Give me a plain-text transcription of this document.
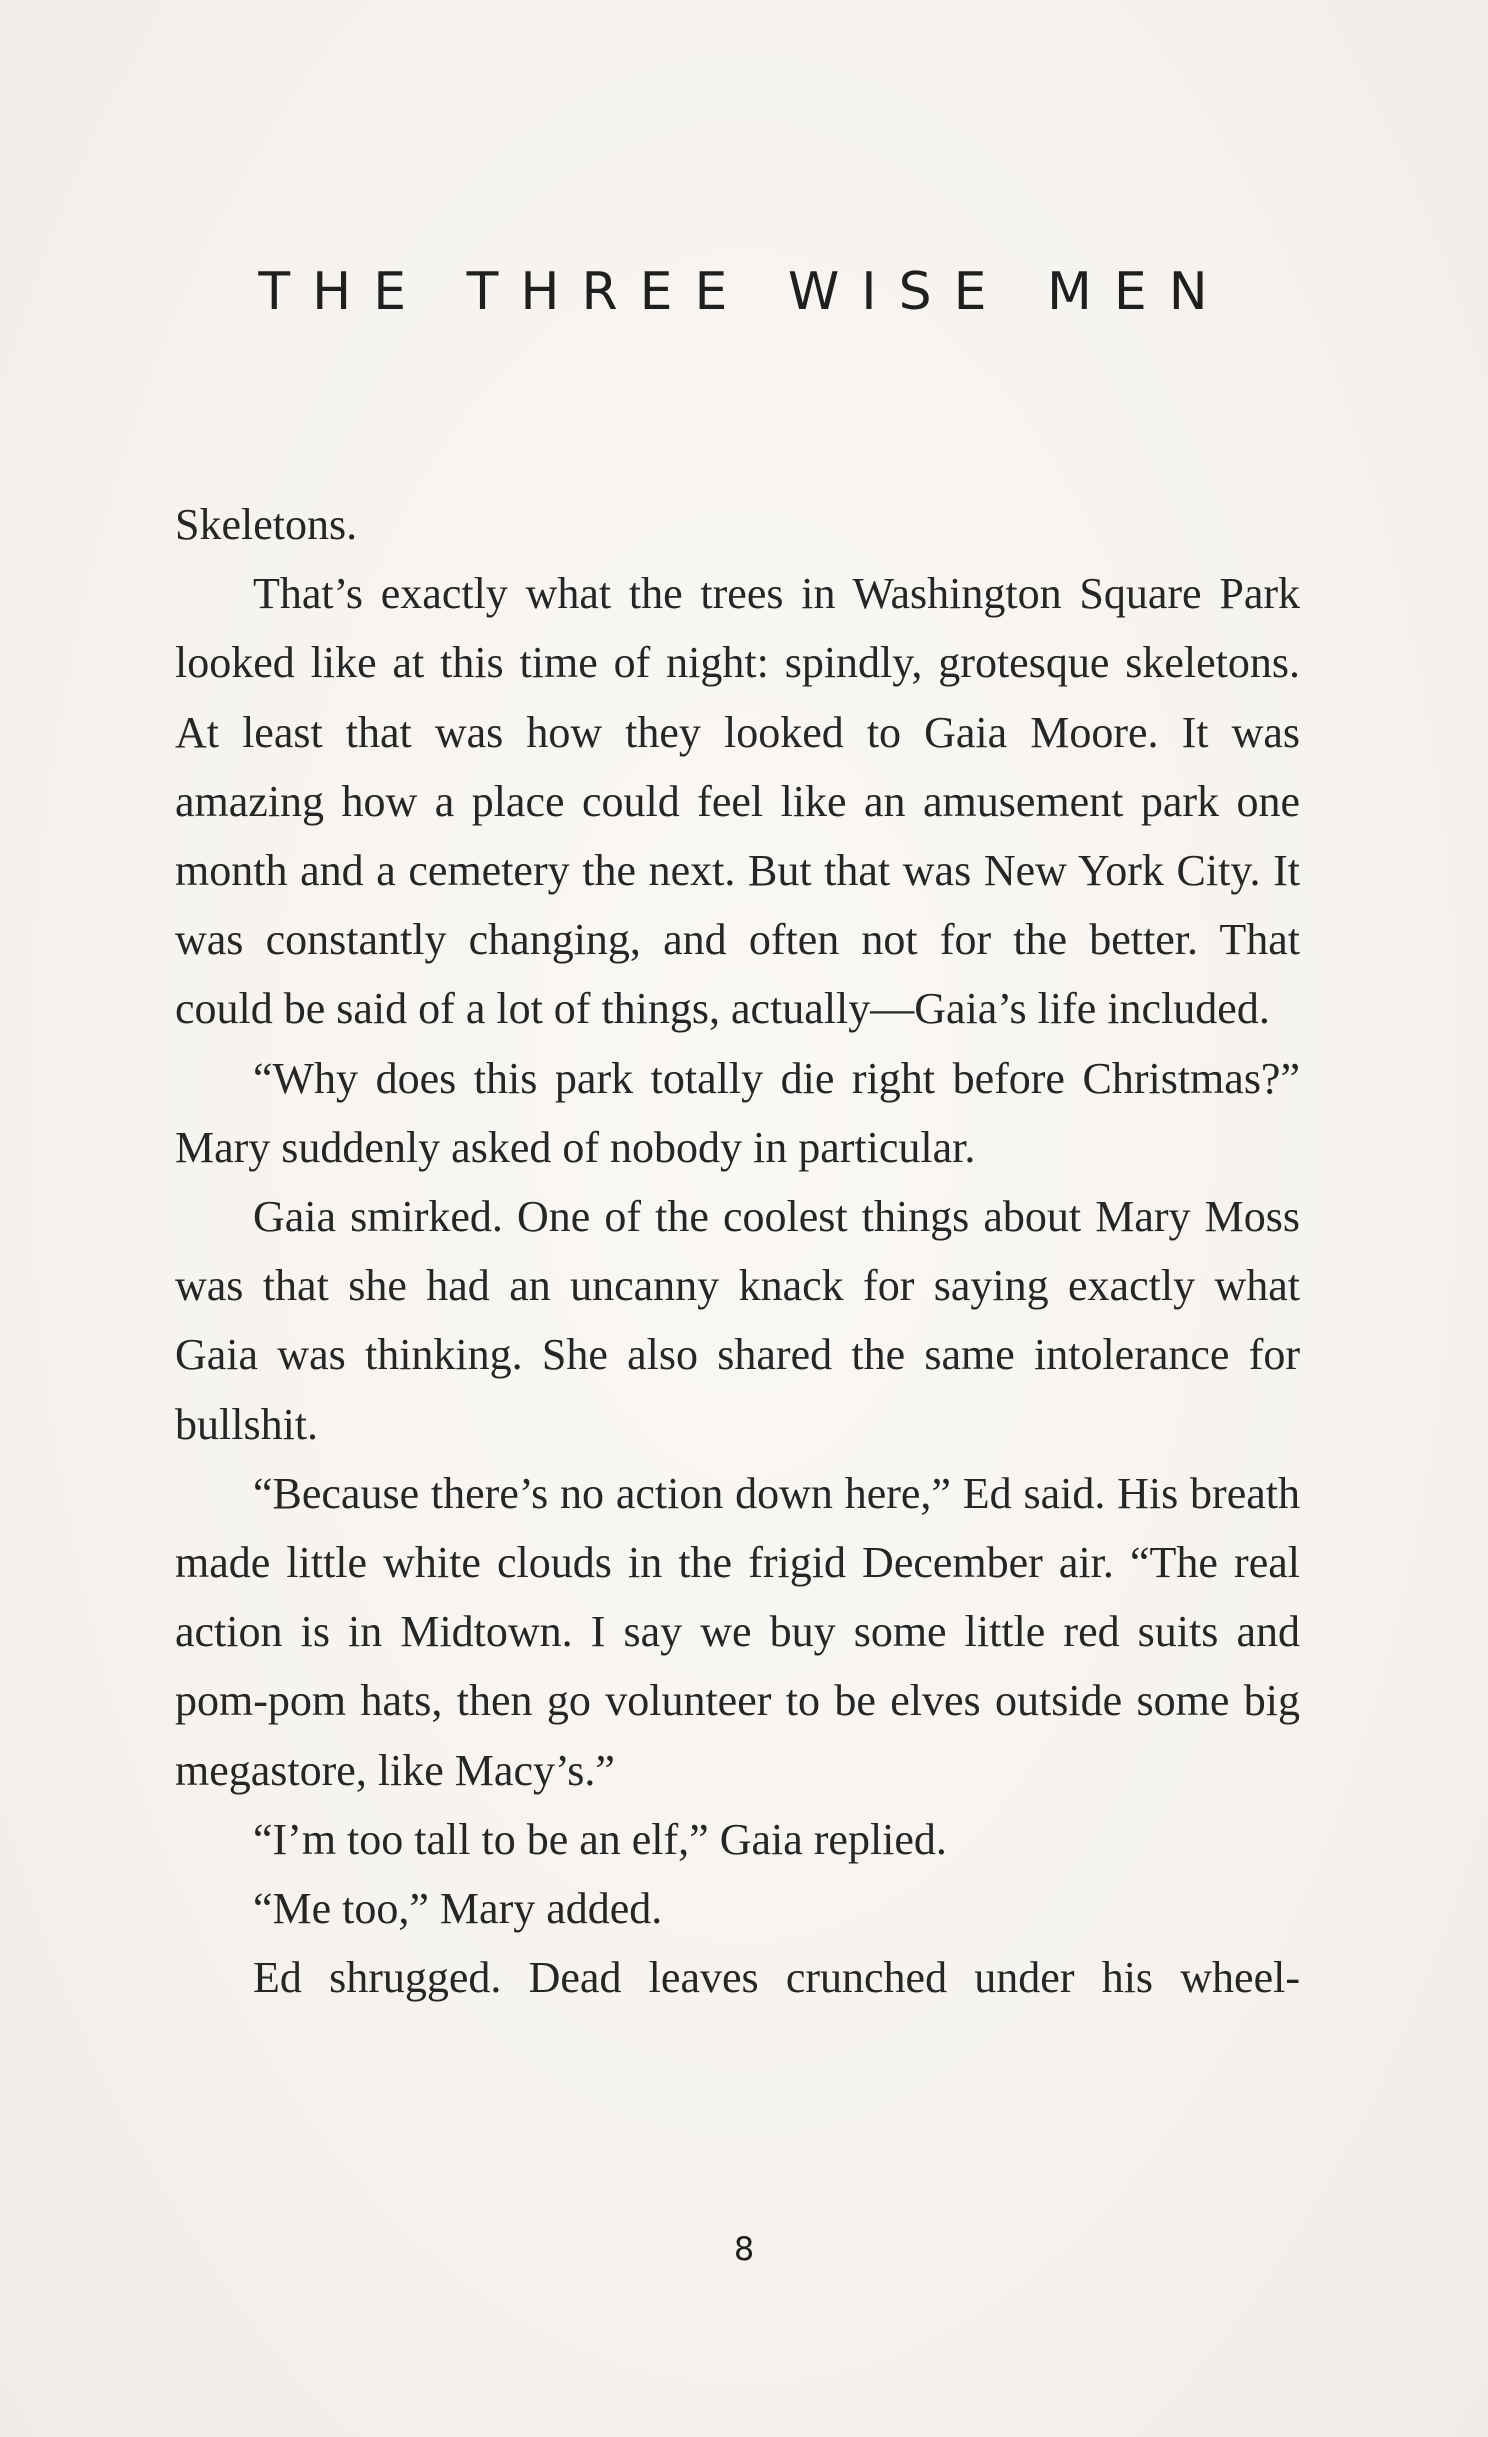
THE THREE WISE MEN

Skeletons.

That’s exactly what the trees in Washington Square Park looked like at this time of night: spindly, grotesque skeletons. At least that was how they looked to Gaia Moore. It was amazing how a place could feel like an amusement park one month and a cemetery the next. But that was New York City. It was constantly changing, and often not for the better. That could be said of a lot of things, actually—Gaia’s life included.

“Why does this park totally die right before Christmas?” Mary suddenly asked of nobody in particular.

Gaia smirked. One of the coolest things about Mary Moss was that she had an uncanny knack for saying exactly what Gaia was thinking. She also shared the same intolerance for bullshit.

“Because there’s no action down here,” Ed said. His breath made little white clouds in the frigid December air. “The real action is in Midtown. I say we buy some little red suits and pom-pom hats, then go volunteer to be elves outside some big megastore, like Macy’s.”

“I’m too tall to be an elf,” Gaia replied.

“Me too,” Mary added.

Ed shrugged. Dead leaves crunched under his wheel-

8
